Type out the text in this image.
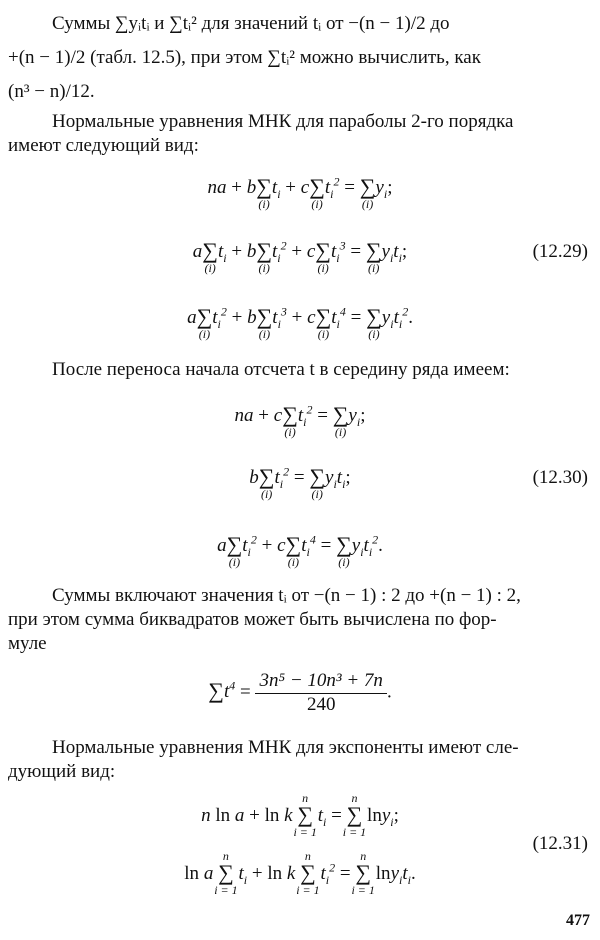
Суммы ∑yᵢtᵢ и ∑tᵢ² для значений tᵢ от −(n − 1)/2 до
+(n − 1)/2 (табл. 12.5), при этом ∑tᵢ² можно вычислить, как
(n³ − n)/12.
Нормальные уравнения МНК для параболы 2-го порядка
имеют следующий вид:
na + b∑
(i)
$t_i + c\sum$
(i)
$t_i^2$ = ∑
(i)
$y_i$;
a∑
(i)
$t_i + b\sum$
(i)
$t_i^2 + c\sum$
(i)
$t_i^3$ = ∑
(i)
$y_it_i$;	(12.29)
a∑
(i)
$t_i^2 + b\sum$
(i)
$t_i^3 + c\sum$
(i)
$t_i^4$ = ∑
(i)
$y_it_i^2$.
После переноса начала отсчета t в середину ряда имеем:
na + c∑
(i)
$t_i^2$ = ∑
(i)
$y_i$;
b∑
(i)
$t_i^2$ = ∑
(i)
$y_it_i$;	(12.30)
a∑
(i)
$t_i^2 + c\sum$
(i)
$t_i^4$ = ∑
(i)
$y_it_i^2$.
Суммы включают значения tᵢ от −(n − 1) : 2 до +(n − 1) : 2,
при этом сумма биквадратов может быть вычислена по фор-
муле
$\sum t^4 = \frac{\text{3n⁵ − 10n³ + 7n}}{240}$ .
Нормальные уравнения МНК для экспоненты имеют сле-
дующий вид:
n ln a + ln k
n
∑
i = 1
$t_i$ =
n
∑
i = 1
lny$_i$;
(12.31)
ln a
n
∑
i = 1
$t_i + \ln k$
n
∑
i = 1
$t_i^2$ =
n
∑
i = 1
$\ln y_it_i$.
477
